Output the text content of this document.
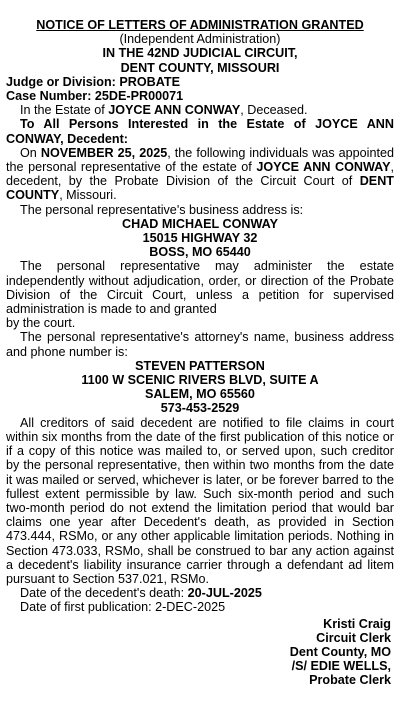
NOTICE OF LETTERS OF ADMINISTRATION GRANTED

(Independent Administration)

IN THE 42ND JUDICIAL CIRCUIT,

DENT COUNTY, MISSOURI

Judge or Division: PROBATE

Case Number: 25DE-PR00071

In the Estate of JOYCE ANN CONWAY, Deceased.

To All Persons Interested in the Estate of JOYCE ANN CONWAY, Decedent:

On NOVEMBER 25, 2025, the following individuals was appointed the personal representative of the estate of JOYCE ANN CONWAY, decedent, by the Probate Division of the Circuit Court of DENT COUNTY, Missouri.

The personal representative's business address is:

CHAD MICHAEL CONWAY

15015 HIGHWAY 32

BOSS, MO 65440

The personal representative may administer the estate independently without adjudication, order, or direction of the Probate Division of the Circuit Court, unless a petition for supervised administration is made to and granted

by the court.

The personal representative's attorney's name, business address and phone number is:

STEVEN PATTERSON

1100 W SCENIC RIVERS BLVD, SUITE A

SALEM, MO 65560

573-453-2529

All creditors of said decedent are notified to file claims in court within six months from the date of the first publication of this notice or if a copy of this notice was mailed to, or served upon, such creditor by the personal representative, then within two months from the date it was mailed or served, whichever is later, or be forever barred to the fullest extent permissible by law. Such six-month period and such two-month period do not extend the limitation period that would bar claims one year after Decedent's death, as provided in Section 473.444, RSMo, or any other applicable limitation periods. Nothing in Section 473.033, RSMo, shall be construed to bar any action against a decedent's liability insurance carrier through a defendant ad litem pursuant to Section 537.021, RSMo.

Date of the decedent's death: 20-JUL-2025

Date of first publication: 2-DEC-2025

Kristi Craig

Circuit Clerk

Dent County, MO

/S/ EDIE WELLS,

Probate Clerk
